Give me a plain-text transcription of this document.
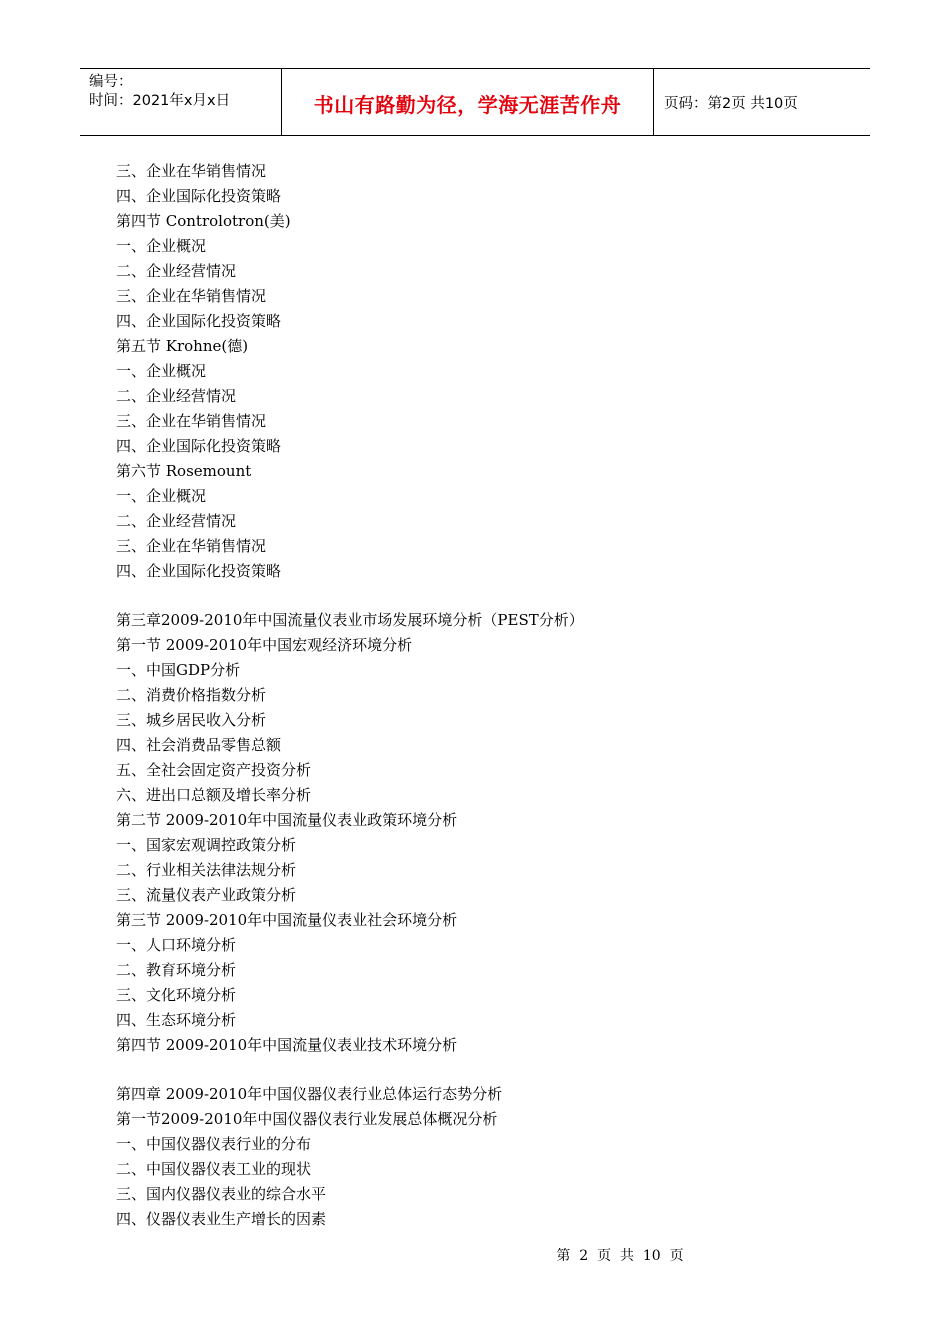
编号：
时间：2021年x月x日	书山有路勤为径，学海无涯苦作舟	页码：第2页 共10页
三、企业在华销售情况
四、企业国际化投资策略
第四节 Controlotron(美)
一、企业概况
二、企业经营情况
三、企业在华销售情况
四、企业国际化投资策略
第五节 Krohne(德)
一、企业概况
二、企业经营情况
三、企业在华销售情况
四、企业国际化投资策略
第六节 Rosemount
一、企业概况
二、企业经营情况
三、企业在华销售情况
四、企业国际化投资策略
第三章2009-2010年中国流量仪表业市场发展环境分析（PEST分析）
第一节 2009-2010年中国宏观经济环境分析
一、中国GDP分析
二、消费价格指数分析
三、城乡居民收入分析
四、社会消费品零售总额
五、全社会固定资产投资分析
六、进出口总额及增长率分析
第二节 2009-2010年中国流量仪表业政策环境分析
一、国家宏观调控政策分析
二、行业相关法律法规分析
三、流量仪表产业政策分析
第三节 2009-2010年中国流量仪表业社会环境分析
一、人口环境分析
二、教育环境分析
三、文化环境分析
四、生态环境分析
第四节 2009-2010年中国流量仪表业技术环境分析
第四章 2009-2010年中国仪器仪表行业总体运行态势分析
第一节2009-2010年中国仪器仪表行业发展总体概况分析
一、中国仪器仪表行业的分布
二、中国仪器仪表工业的现状
三、国内仪器仪表业的综合水平
四、仪器仪表业生产增长的因素
第  2  页  共  10  页
